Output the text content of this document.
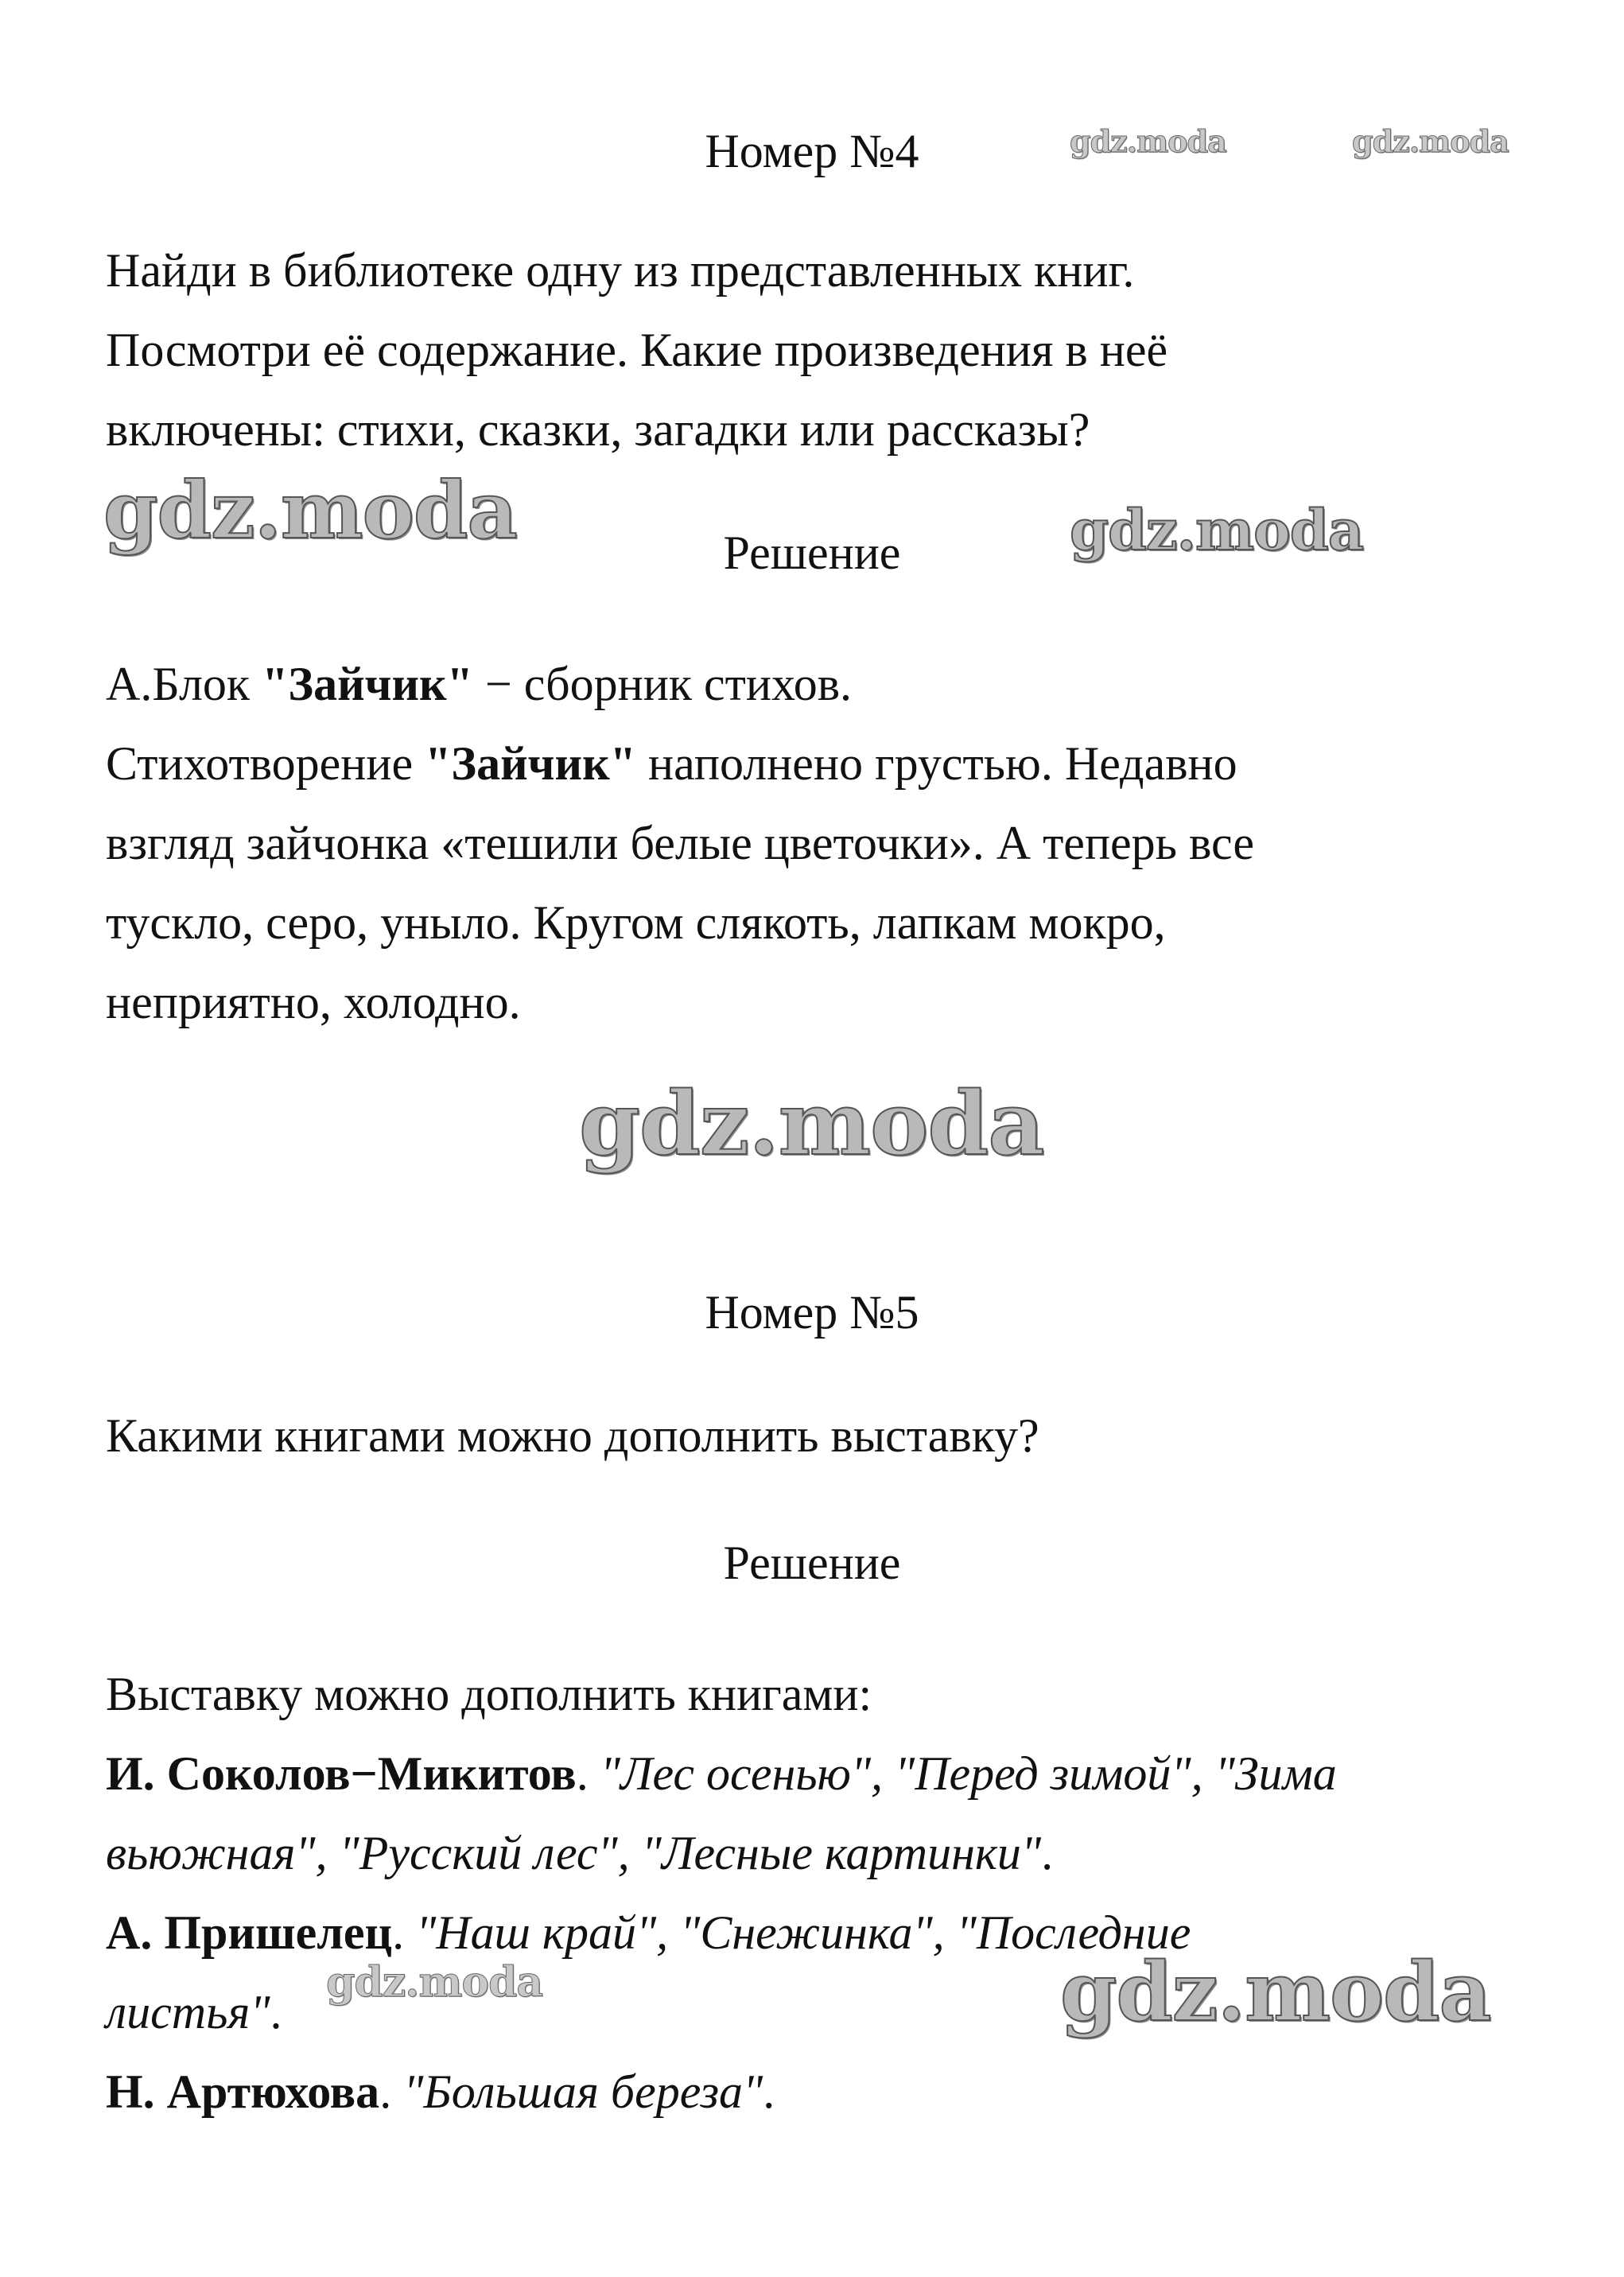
Номер №4
Найди в библиотеке одну из представленных книг.
Посмотри её содержание. Какие произведения в неё
включены: стихи, сказки, загадки или рассказы?
Решение
А.Блок "Зайчик" − сборник стихов.
Стихотворение "Зайчик" наполнено грустью. Недавно
взгляд зайчонка «тешили белые цветочки». А теперь все
тускло, серо, уныло. Кругом слякоть, лапкам мокро,
неприятно, холодно.
Номер №5
Какими книгами можно дополнить выставку?
Решение
Выставку можно дополнить книгами:
И. Соколов−Микитов. "Лес осенью", "Перед зимой", "Зима
вьюжная", "Русский лес", "Лесные картинки".
А. Пришелец. "Наш край", "Снежинка", "Последние
листья".
Н. Артюхова. "Большая береза".
gdz.moda	gdz.moda
gdz.moda	gdz.moda
gdz.moda
gdz.moda	gdz.moda
